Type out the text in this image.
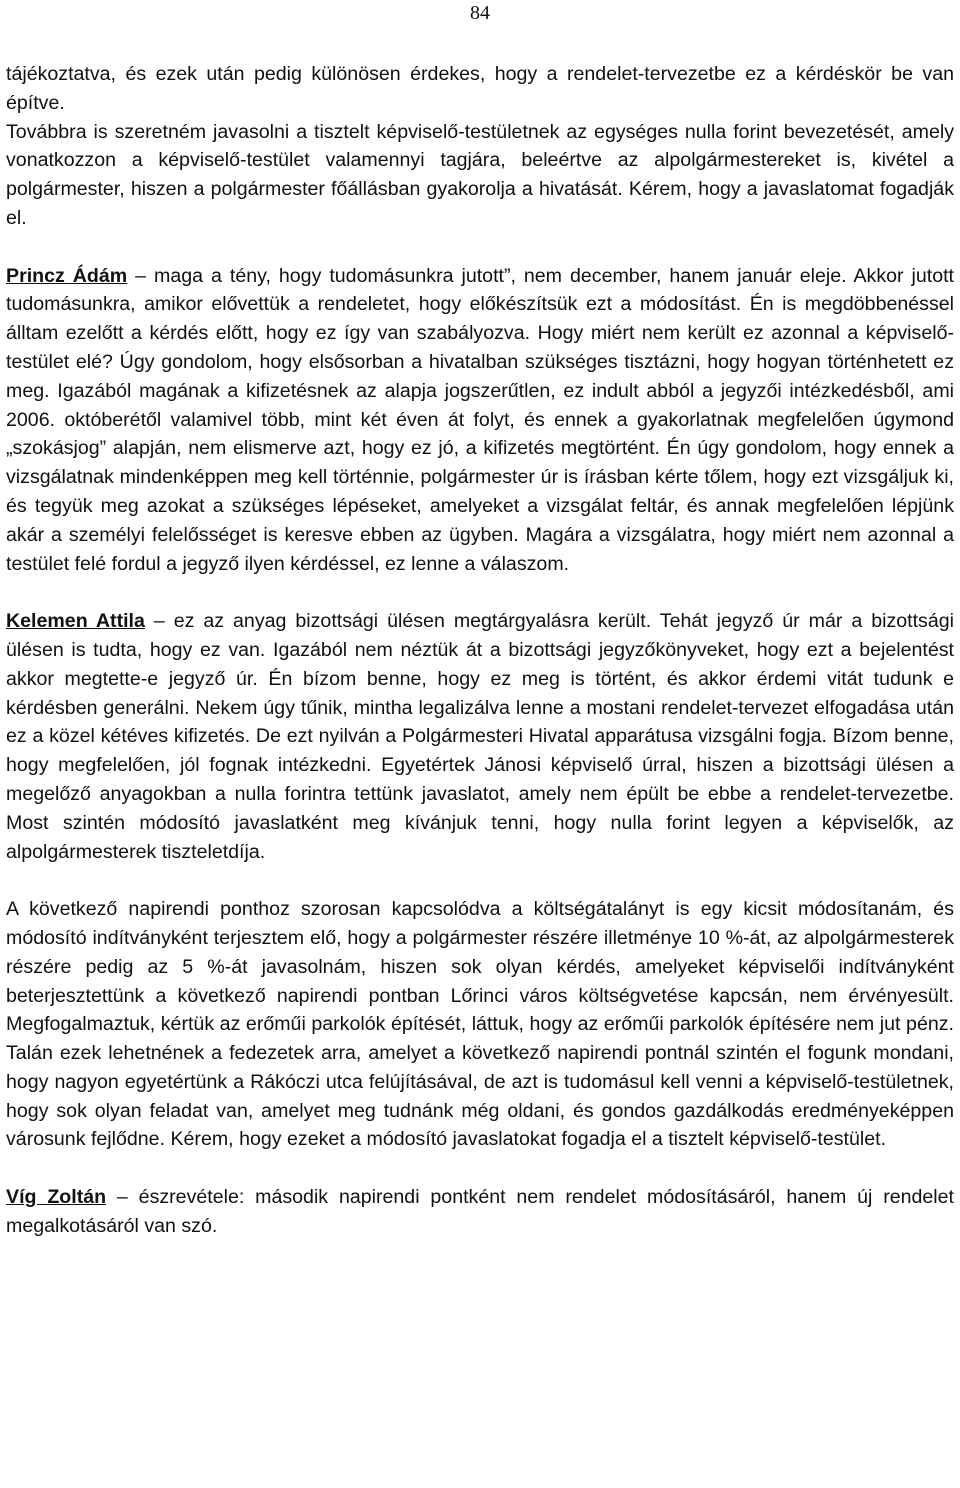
84

tájékoztatva, és ezek után pedig különösen érdekes, hogy a rendelet-tervezetbe ez a kérdéskör be van építve.

Továbbra is szeretném javasolni a tisztelt képviselő-testületnek az egységes nulla forint bevezetését, amely vonatkozzon a képviselő-testület valamennyi tagjára, beleértve az alpolgármestereket is, kivétel a polgármester, hiszen a polgármester főállásban gyakorolja a hivatását. Kérem, hogy a javaslatomat fogadják el.

Princz Ádám – maga a tény, hogy tudomásunkra jutott”, nem december, hanem január eleje. Akkor jutott tudomásunkra, amikor elővettük a rendeletet, hogy előkészítsük ezt a módosítást. Én is megdöbbenéssel álltam ezelőtt a kérdés előtt, hogy ez így van szabályozva. Hogy miért nem került ez azonnal a képviselő-testület elé? Úgy gondolom, hogy elsősorban a hivatalban szükséges tisztázni, hogy hogyan történhetett ez meg. Igazából magának a kifizetésnek az alapja jogszerűtlen, ez indult abból a jegyzői intézkedésből, ami 2006. októberétől valamivel több, mint két éven át folyt, és ennek a gyakorlatnak megfelelően úgymond „szokásjog” alapján, nem elismerve azt, hogy ez jó, a kifizetés megtörtént. Én úgy gondolom, hogy ennek a vizsgálatnak mindenképpen meg kell történnie, polgármester úr is írásban kérte tőlem, hogy ezt vizsgáljuk ki, és tegyük meg azokat a szükséges lépéseket, amelyeket a vizsgálat feltár, és annak megfelelően lépjünk akár a személyi felelősséget is keresve ebben az ügyben. Magára a vizsgálatra, hogy miért nem azonnal a testület felé fordul a jegyző ilyen kérdéssel, ez lenne a válaszom.

Kelemen Attila – ez az anyag bizottsági ülésen megtárgyalásra került. Tehát jegyző úr már a bizottsági ülésen is tudta, hogy ez van. Igazából nem néztük át a bizottsági jegyzőkönyveket, hogy ezt a bejelentést akkor megtette-e jegyző úr. Én bízom benne, hogy ez meg is történt, és akkor érdemi vitát tudunk e kérdésben generálni. Nekem úgy tűnik, mintha legalizálva lenne a mostani rendelet-tervezet elfogadása után ez a közel kétéves kifizetés. De ezt nyilván a Polgármesteri Hivatal apparátusa vizsgálni fogja. Bízom benne, hogy megfelelően, jól fognak intézkedni. Egyetértek Jánosi képviselő úrral, hiszen a bizottsági ülésen a megelőző anyagokban a nulla forintra tettünk javaslatot, amely nem épült be ebbe a rendelet-tervezetbe. Most szintén módosító javaslatként meg kívánjuk tenni, hogy nulla forint legyen a képviselők, az alpolgármesterek tiszteletdíja.

A következő napirendi ponthoz szorosan kapcsolódva a költségátalányt is egy kicsit módosítanám, és módosító indítványként terjesztem elő, hogy a polgármester részére illetménye 10 %-át, az alpolgármesterek részére pedig az 5 %-át javasolnám, hiszen sok olyan kérdés, amelyeket képviselői indítványként beterjesztettünk a következő napirendi pontban Lőrinci város költségvetése kapcsán, nem érvényesült. Megfogalmaztuk, kértük az erőműi parkolók építését, láttuk, hogy az erőműi parkolók építésére nem jut pénz. Talán ezek lehetnének a fedezetek arra, amelyet a következő napirendi pontnál szintén el fogunk mondani, hogy nagyon egyetértünk a Rákóczi utca felújításával, de azt is tudomásul kell venni a képviselő-testületnek, hogy sok olyan feladat van, amelyet meg tudnánk még oldani, és gondos gazdálkodás eredményeképpen városunk fejlődne. Kérem, hogy ezeket a módosító javaslatokat fogadja el a tisztelt képviselő-testület.

Víg Zoltán – észrevétele: második napirendi pontként nem rendelet módosításáról, hanem új rendelet megalkotásáról van szó.
